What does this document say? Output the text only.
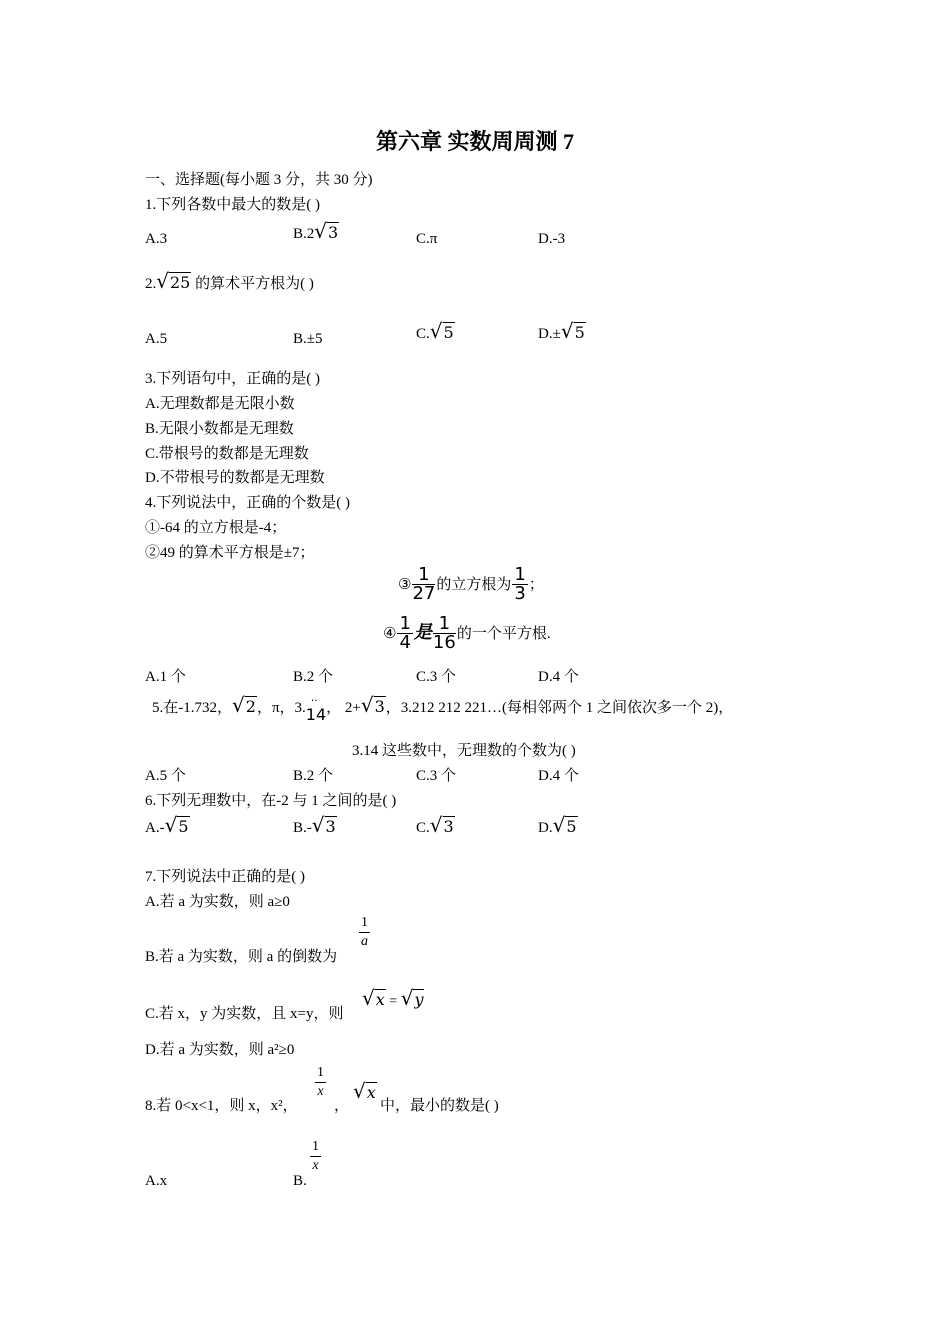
第六章 实数周周测 7
一、选择题(每小题 3 分，共 30 分)
1.下列各数中最大的数是( )
A.3	B.2√3	C.π	D.-3
2.√25 的算术平方根为( )
A.5	B.±5	C.√5	D.±√5
3.下列语句中，正确的是( )
A.无理数都是无限小数
B.无限小数都是无理数
C.带根号的数都是无理数
D.不带根号的数都是无理数
4.下列说法中，正确的个数是( )
①-64 的立方根是-4；
②49 的算术平方根是±7；
③ $\frac{1}{27}$ 的立方根为 $\frac{1}{3}$ ；
④ $\frac{1}{4}$ 是 $\frac{1}{16}$ 的一个平方根.
A.1 个	B.2 个	C.3 个	D.4 个
5.在-1.732，√2，π，3. ··
14， 2+√3，3.212 212 221…(每相邻两个 1 之间依次多一个 2)，
3.14 这些数中，无理数的个数为( )
A.5 个	B.2 个	C.3 个	D.4 个
6.下列无理数中，在-2 与 1 之间的是( )
A.-√5	B.-√3	C.√3	D.√5
7.下列说法中正确的是( )
A.若 a 为实数，则 a≥0
B.若 a 为实数，则 a 的倒数为
$\frac{1}{a}$
C.若 x，y 为实数，且 x=y，则
√x = √y
D.若 a 为实数，则 a²≥0
8.若 0<x<1，则 x，x²，
$\frac{1}{x}$
，
√x
中，最小的数是( )
A.x	B.
$\frac{1}{x}$
